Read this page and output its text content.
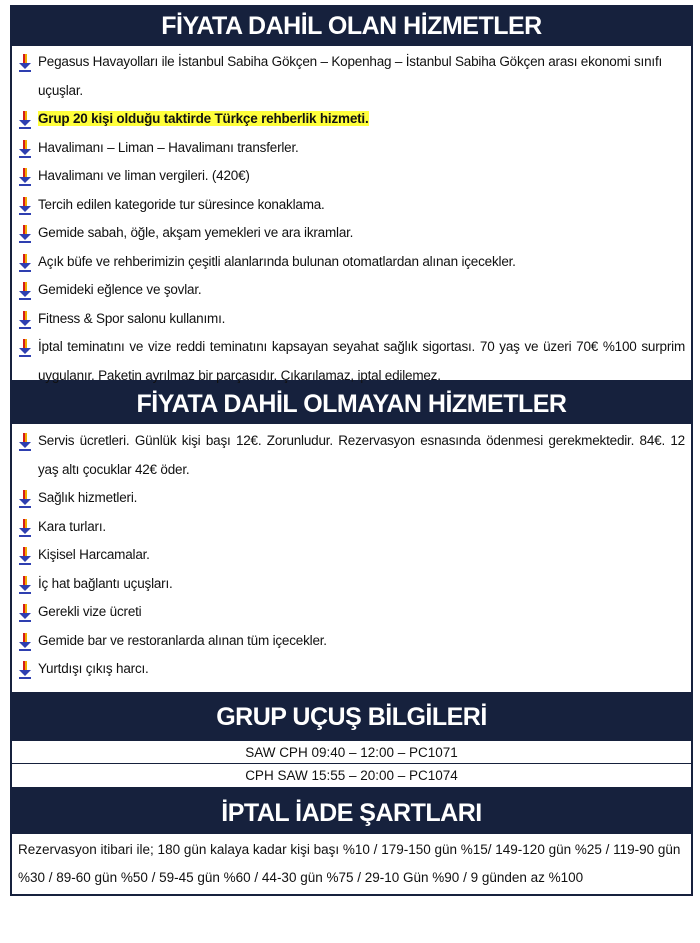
FİYATA DAHİL OLAN HİZMETLER
Pegasus Havayolları ile İstanbul Sabiha Gökçen – Kopenhag – İstanbul Sabiha Gökçen arası ekonomi sınıfı uçuşlar.
Grup 20 kişi olduğu taktirde Türkçe rehberlik hizmeti.
Havalimanı – Liman – Havalimanı transferler.
Havalimanı ve liman vergileri. (420€)
Tercih edilen kategoride tur süresince konaklama.
Gemide sabah, öğle, akşam yemekleri ve ara ikramlar.
Açık büfe ve rehberimizin çeşitli alanlarında bulunan otomatlardan alınan içecekler.
Gemideki eğlence ve şovlar.
Fitness & Spor salonu kullanımı.
İptal teminatını ve vize reddi teminatını kapsayan seyahat sağlık sigortası. 70 yaş ve üzeri 70€ %100 surprim uygulanır. Paketin ayrılmaz bir parçasıdır. Çıkarılamaz, iptal edilemez.
FİYATA DAHİL OLMAYAN HİZMETLER
Servis ücretleri. Günlük kişi başı 12€. Zorunludur. Rezervasyon esnasında ödenmesi gerekmektedir. 84€. 12 yaş altı çocuklar 42€ öder.
Sağlık hizmetleri.
Kara turları.
Kişisel Harcamalar.
İç hat bağlantı uçuşları.
Gerekli vize ücreti
Gemide bar ve restoranlarda alınan tüm içecekler.
Yurtdışı çıkış harcı.
GRUP UÇUŞ BİLGİLERİ
SAW CPH 09:40 – 12:00 – PC1071
CPH SAW 15:55 – 20:00 – PC1074
İPTAL İADE ŞARTLARI
Rezervasyon itibari ile; 180 gün kalaya kadar kişi başı %10 / 179-150 gün %15/ 149-120 gün %25 / 119-90 gün %30 / 89-60 gün %50 / 59-45 gün %60 / 44-30 gün %75 / 29-10 Gün %90 / 9 günden az %100
